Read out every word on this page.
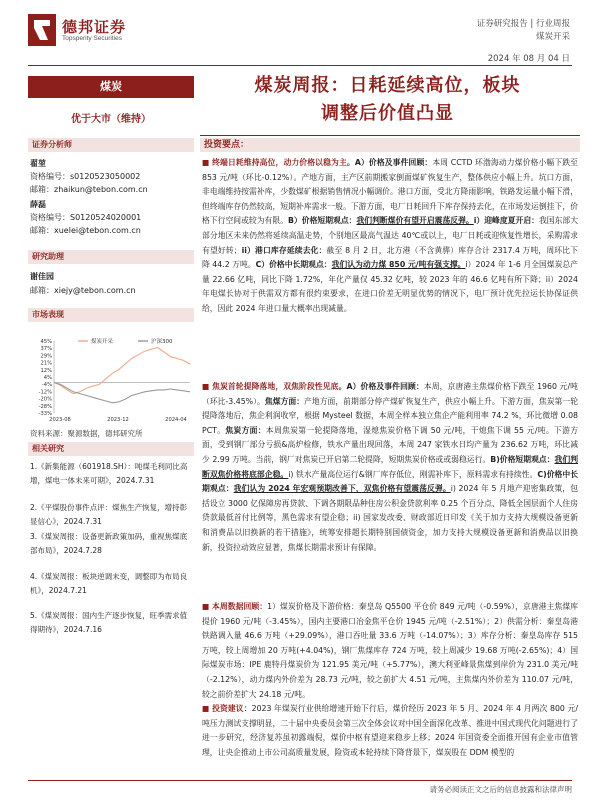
德邦证券
Topsperity Securities
证券研究报告 | 行业周报
煤炭开采
2024 年 08 月 04 日
煤炭
优于大市（维持）
证券分析师
翟堃
资格编号：s0120523050002
邮箱：zhaikun@tebon.com.cn
薛磊
资格编号：S0120524020001
邮箱：xuelei@tebon.com.cn
研究助理
谢佳园
邮箱：xiejy@tebon.com.cn
市场表现
45%
37%
29%
21%
12%
4%
-4%
-12%
-20%
-28%
-33%
2023-08	2023-12	2024-04
煤炭开采	沪深300
资料来源：聚源数据，德邦研究所
相关研究
1.《新集能源（601918.SH）：吨煤毛利同比高增，煤电一体未来可期》，2024.7.31
2.《平煤股份事件点评：煤焦生产恢复，增持彰显信心》，2024.7.31
3.《煤炭周报：设备更新政策加码，重视焦煤底部布局》，2024.7.28
4.《煤炭周报：板块逆调未变，调整即为布局良机》，2024.7.21
5.《煤炭周报：国内生产逐步恢复，旺季需求值得期待》，2024.7.16
煤炭周报：日耗延续高位，板块
调整后价值凸显
投资要点：
■ 终端日耗维持高位，动力价格以稳为主。A）价格及事件回顾：本周 CCTD 环渤海动力煤价格小幅下跌至 853 元/吨（环比-0.12%）。产地方面，主产区前期搬家倒面煤矿恢复生产，整体供应小幅上升。坑口方面，非电端维持按需补库，少数煤矿根据销售情况小幅调价。港口方面，受北方降雨影响，铁路发运量小幅下滑，但终端库存仍然较高，短期补库需求一般。下游方面，电厂日耗回升下库存保持去化，在市场发运倒挂下，价格下行空间或较为有限。B）价格短期观点：我们判断煤价有望开启震荡反弹。i）迎峰度夏开启：我国东部大部分地区未来仍然将延续高温走势，个别地区最高气温达 40℃或以上，电厂日耗或迎恢复性增长，采购需求有望好转；ii）港口库存延续去化：截至 8 月 2 日，北方港（不含黄骅）库存合计 2317.4 万吨，周环比下降 44.2 万吨。C）价格中长期观点：我们认为动力煤 850 元/吨有强支撑。i）2024 年 1-6 月全国煤炭总产量 22.66 亿吨，同比下降 1.72%，年化产量仅 45.32 亿吨，较 2023 年的 46.6 亿吨有所下降；ii）2024 年电煤长协对于供需双方都有很约束要求，在进口价差无明显优势的情况下，电厂预计优先拉运长协保证供给，因此 2024 年进口量大概率出现减量。
■ 焦炭首轮提降落地，双焦阶段性见底。A）价格及事件回顾：本周，京唐港主焦煤价格下跌至 1960 元/吨（环比-3.45%）。焦煤方面：产地方面，前期部分停产煤矿恢复生产，供应小幅上升。下游方面，焦炭第一轮提降落地后，焦企利润收窄，根据 Mysteel 数据，本周全样本独立焦企产能利用率 74.2 %，环比微增 0.08 PCT。焦炭方面：本周焦炭第一轮提降落地，湿熄焦炭价格下调 50 元/吨，干熄焦下调 55 元/吨。下游方面，受到钢厂部分亏损&高炉检修，铁水产量出现回落，本周 247 家铁水日均产量为 236.62 万吨，环比减少 2.99 万吨。当前，钢厂对焦炭已开启第二轮提降，短期焦炭价格或或弱稳运行。B)价格短期观点：我们判断双焦价格将底部企稳。i) 铁水产量高位运行&钢厂库存低位，刚需补库下，原料需求有持续性。C)价格中长期观点：我们认为 2024 年宏观预期改善下，双焦价格有望震荡反弹。i) 2024 年 5 月地产迎密集政策，包括设立 3000 亿保障房再贷款、下调各期限品种住房公积金贷款利率 0.25 个百分点、降低全国层面个人住房贷款最低首付比例等，黑色需求有望企稳；ii) 国家发改委、财政部近日印发《关于加力支持大规模设备更新和消费品以旧换新的若干措施》，统筹安排超长期特别国债资金，加力支持大规模设备更新和消费品以旧换新，投资拉动效应显著，焦煤长期需求预计有保障。
■ 本周数据回顾：1）煤炭价格及下游价格：秦皇岛 Q5500 平仓价 849 元/吨（-0.59%），京唐港主焦煤库提价 1960 元/吨（-3.45%），国内主要港口冶金焦平仓价 1945 元/吨（-2.51%）；2）供需分析：秦皇岛港铁路调入量 46.6 万吨（+29.09%），港口吞吐量 33.6 万吨（-14.07%）；3）库存分析：秦皇岛库存 515 万吨，较上周增加 20 万吨(+4.04%)，钢厂焦煤库存 724 万吨，较上周减少 19.68 万吨(-2.65%)；4）国际煤炭市场：IPE 鹿特丹煤炭价为 121.95 美元/吨（+5.77%），澳大利亚峰景焦煤到岸价为 231.0 美元/吨（-2.12%），动力煤内外价差为 28.73 元/吨，较之前扩大 4.51 元/吨，主焦煤内外价差为 110.07 元/吨，较之前价差扩大 24.18 元/吨。
■ 投资建议：2023 年煤炭行业供给增速开始下行后，煤价经历 2023 年 5 月、2024 年 4 月两次 800 元/吨压力测试支撑明显，二十届中央委员会第三次全体会议对中国全面深化改革、推进中国式现代化问题进行了进一步研究，经济复苏虽初露端倪，煤价中枢有望迎来稳步上移；2024 年国资委全面推开国有企业市值管理，让央企推动上市公司高质量发展，险资或本轮持续下降背景下，煤炭股在 DDM 模型的
请务必阅读正文之后的信息披露和法律声明
